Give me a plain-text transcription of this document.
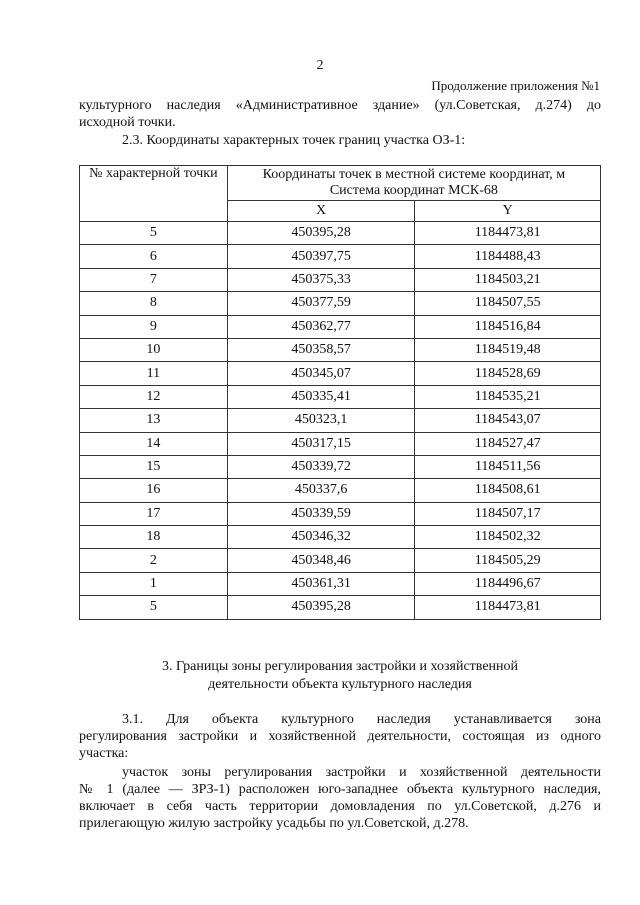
2
Продолжение приложения №1
культурного наследия «Административное здание» (ул.Советская, д.274) до
исходной точки.
2.3. Координаты характерных точек границ участка ОЗ-1:
№ характерной точки	Координаты точек в местной системе координат, м
Система координат МСК-68	

	X	Y
5	450395,28	1184473,81
6	450397,75	1184488,43
7	450375,33	1184503,21
8	450377,59	1184507,55
9	450362,77	1184516,84
10	450358,57	1184519,48
11	450345,07	1184528,69
12	450335,41	1184535,21
13	450323,1	1184543,07
14	450317,15	1184527,47
15	450339,72	1184511,56
16	450337,6	1184508,61
17	450339,59	1184507,17
18	450346,32	1184502,32
2	450348,46	1184505,29
1	450361,31	1184496,67
5	450395,28	1184473,81
3. Границы зоны регулирования застройки и хозяйственной
деятельности объекта культурного наследия
3.1. Для объекта культурного наследия устанавливается зона
регулирования застройки и хозяйственной деятельности, состоящая из одного
участка:
участок зоны регулирования застройки и хозяйственной деятельности
№ 1 (далее — ЗРЗ-1) расположен юго-западнее объекта культурного наследия,
включает в себя часть территории домовладения по ул.Советской, д.276 и
прилегающую жилую застройку усадьбы по ул.Советской, д.278.
